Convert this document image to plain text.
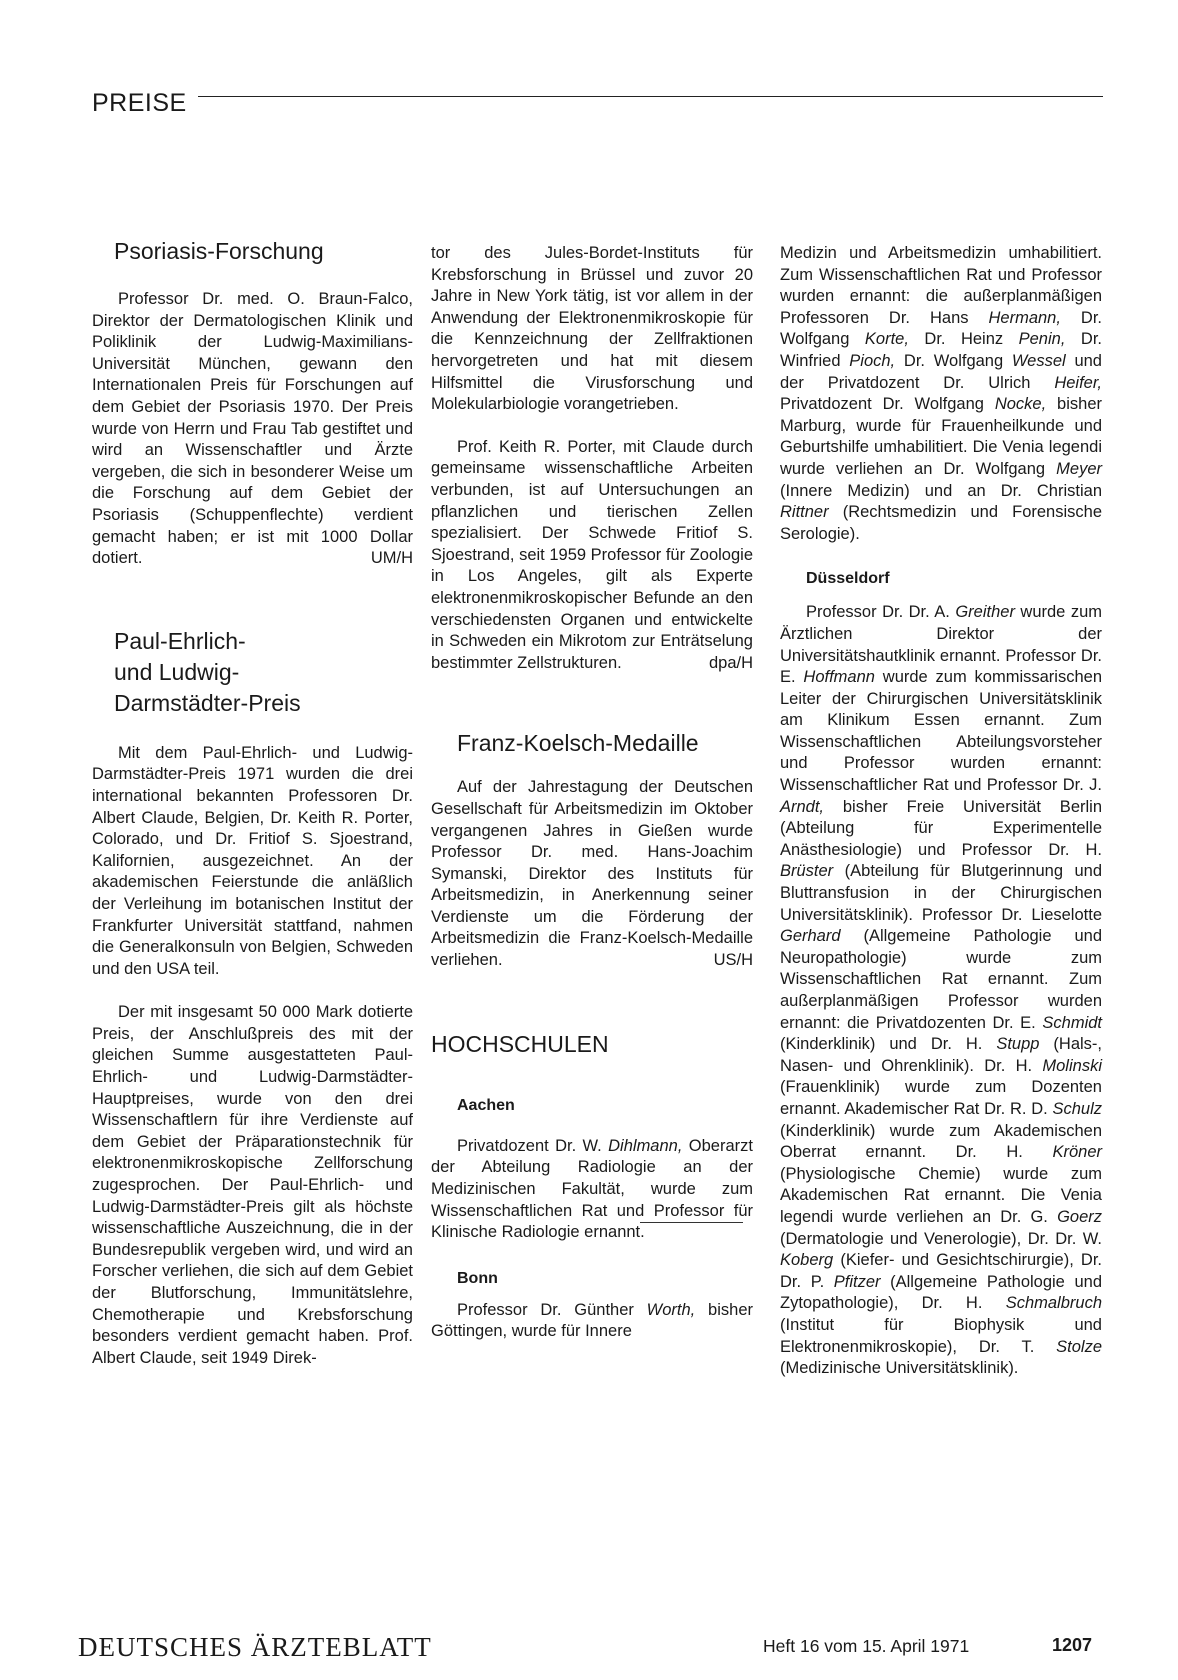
PREISE
Psoriasis-Forschung

Professor Dr. med. O. Braun-Falco, Direktor der Dermatologischen Klinik und Poliklinik der Ludwig-Maximilians-Universität München, gewann den Internationalen Preis für Forschungen auf dem Gebiet der Psoriasis 1970. Der Preis wurde von Herrn und Frau Tab gestiftet und wird an Wissenschaftler und Ärzte vergeben, die sich in besonderer Weise um die Forschung auf dem Gebiet der Psoriasis (Schuppenflechte) verdient gemacht haben; er ist mit 1000 Dollar dotiert.	UM/H

Paul-Ehrlich-
und Ludwig-
Darmstädter-Preis

Mit dem Paul-Ehrlich- und Ludwig-Darmstädter-Preis 1971 wurden die drei international bekannten Professoren Dr. Albert Claude, Belgien, Dr. Keith R. Porter, Colorado, und Dr. Fritiof S. Sjoestrand, Kalifornien, ausgezeichnet. An der akademischen Feierstunde die anläßlich der Verleihung im botanischen Institut der Frankfurter Universität stattfand, nahmen die Generalkonsuln von Belgien, Schweden und den USA teil.

Der mit insgesamt 50 000 Mark dotierte Preis, der Anschlußpreis des mit der gleichen Summe ausgestatteten Paul-Ehrlich- und Ludwig-Darmstädter-Hauptpreises, wurde von den drei Wissenschaftlern für ihre Verdienste auf dem Gebiet der Präparationstechnik für elektronenmikroskopische Zellforschung zugesprochen. Der Paul-Ehrlich- und Ludwig-Darmstädter-Preis gilt als höchste wissenschaftliche Auszeichnung, die in der Bundesrepublik vergeben wird, und wird an Forscher verliehen, die sich auf dem Gebiet der Blutforschung, Immunitätslehre, Chemotherapie und Krebsforschung besonders verdient gemacht haben. Prof. Albert Claude, seit 1949 Direk-

tor des Jules-Bordet-Instituts für Krebsforschung in Brüssel und zuvor 20 Jahre in New York tätig, ist vor allem in der Anwendung der Elektronenmikroskopie für die Kennzeichnung der Zellfraktionen hervorgetreten und hat mit diesem Hilfsmittel die Virusforschung und Molekularbiologie vorangetrieben.

Prof. Keith R. Porter, mit Claude durch gemeinsame wissenschaftliche Arbeiten verbunden, ist auf Untersuchungen an pflanzlichen und tierischen Zellen spezialisiert. Der Schwede Fritiof S. Sjoestrand, seit 1959 Professor für Zoologie in Los Angeles, gilt als Experte elektronenmikroskopischer Befunde an den verschiedensten Organen und entwickelte in Schweden ein Mikrotom zur Enträtselung bestimmter Zellstrukturen.	dpa/H

Franz-Koelsch-Medaille

Auf der Jahrestagung der Deutschen Gesellschaft für Arbeitsmedizin im Oktober vergangenen Jahres in Gießen wurde Professor Dr. med. Hans-Joachim Symanski, Direktor des Instituts für Arbeitsmedizin, in Anerkennung seiner Verdienste um die Förderung der Arbeitsmedizin die Franz-Koelsch-Medaille verliehen.	US/H

HOCHSCHULEN
Aachen

Privatdozent Dr. W. Dihlmann, Oberarzt der Abteilung Radiologie an der Medizinischen Fakultät, wurde zum Wissenschaftlichen Rat und Professor für Klinische Radiologie ernannt.

Bonn

Professor Dr. Günther Worth, bisher Göttingen, wurde für Innere

Medizin und Arbeitsmedizin umhabilitiert. Zum Wissenschaftlichen Rat und Professor wurden ernannt: die außerplanmäßigen Professoren Dr. Hans Hermann, Dr. Wolfgang Korte, Dr. Heinz Penin, Dr. Winfried Pioch, Dr. Wolfgang Wessel und der Privatdozent Dr. Ulrich Heifer, Privatdozent Dr. Wolfgang Nocke, bisher Marburg, wurde für Frauenheilkunde und Geburtshilfe umhabilitiert. Die Venia legendi wurde verliehen an Dr. Wolfgang Meyer (Innere Medizin) und an Dr. Christian Rittner (Rechtsmedizin und Forensische Serologie).

Düsseldorf

Professor Dr. Dr. A. Greither wurde zum Ärztlichen Direktor der Universitätshautklinik ernannt. Professor Dr. E. Hoffmann wurde zum kommissarischen Leiter der Chirurgischen Universitätsklinik am Klinikum Essen ernannt. Zum Wissenschaftlichen Abteilungsvorsteher und Professor wurden ernannt: Wissenschaftlicher Rat und Professor Dr. J. Arndt, bisher Freie Universität Berlin (Abteilung für Experimentelle Anästhesiologie) und Professor Dr. H. Brüster (Abteilung für Blutgerinnung und Bluttransfusion in der Chirurgischen Universitätsklinik). Professor Dr. Lieselotte Gerhard (Allgemeine Pathologie und Neuropathologie) wurde zum Wissenschaftlichen Rat ernannt. Zum außerplanmäßigen Professor wurden ernannt: die Privatdozenten Dr. E. Schmidt (Kinderklinik) und Dr. H. Stupp (Hals-, Nasen- und Ohrenklinik). Dr. H. Molinski (Frauenklinik) wurde zum Dozenten ernannt. Akademischer Rat Dr. R. D. Schulz (Kinderklinik) wurde zum Akademischen Oberrat ernannt. Dr. H. Kröner (Physiologische Chemie) wurde zum Akademischen Rat ernannt. Die Venia legendi wurde verliehen an Dr. G. Goerz (Dermatologie und Venerologie), Dr. Dr. W. Koberg (Kiefer- und Gesichtschirurgie), Dr. Dr. P. Pfitzer (Allgemeine Pathologie und Zytopathologie), Dr. H. Schmalbruch (Institut für Biophysik und Elektronenmikroskopie), Dr. T. Stolze (Medizinische Universitätsklinik).

DEUTSCHES ÄRZTEBLATT	Heft 16 vom 15. April 1971	1207
